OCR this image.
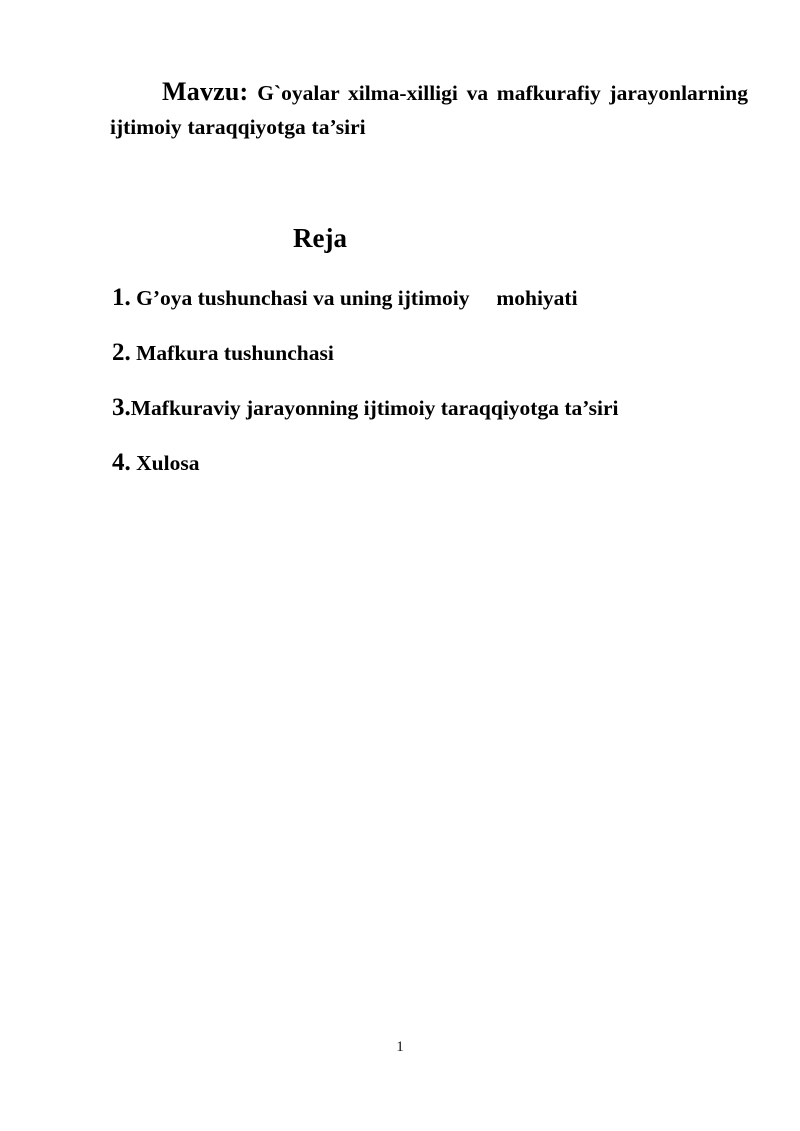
Mavzu: G`oyalar xilma-xilligi va mafkurafiy jarayonlarning ijtimoiy taraqqiyotga ta’siri

Reja
1. G’oya tushunchasi va uning ijtimoiy     mohiyati
2. Mafkura tushunchasi
3.Mafkuraviy jarayonning ijtimoiy taraqqiyotga ta’siri
4. Xulosa
1
